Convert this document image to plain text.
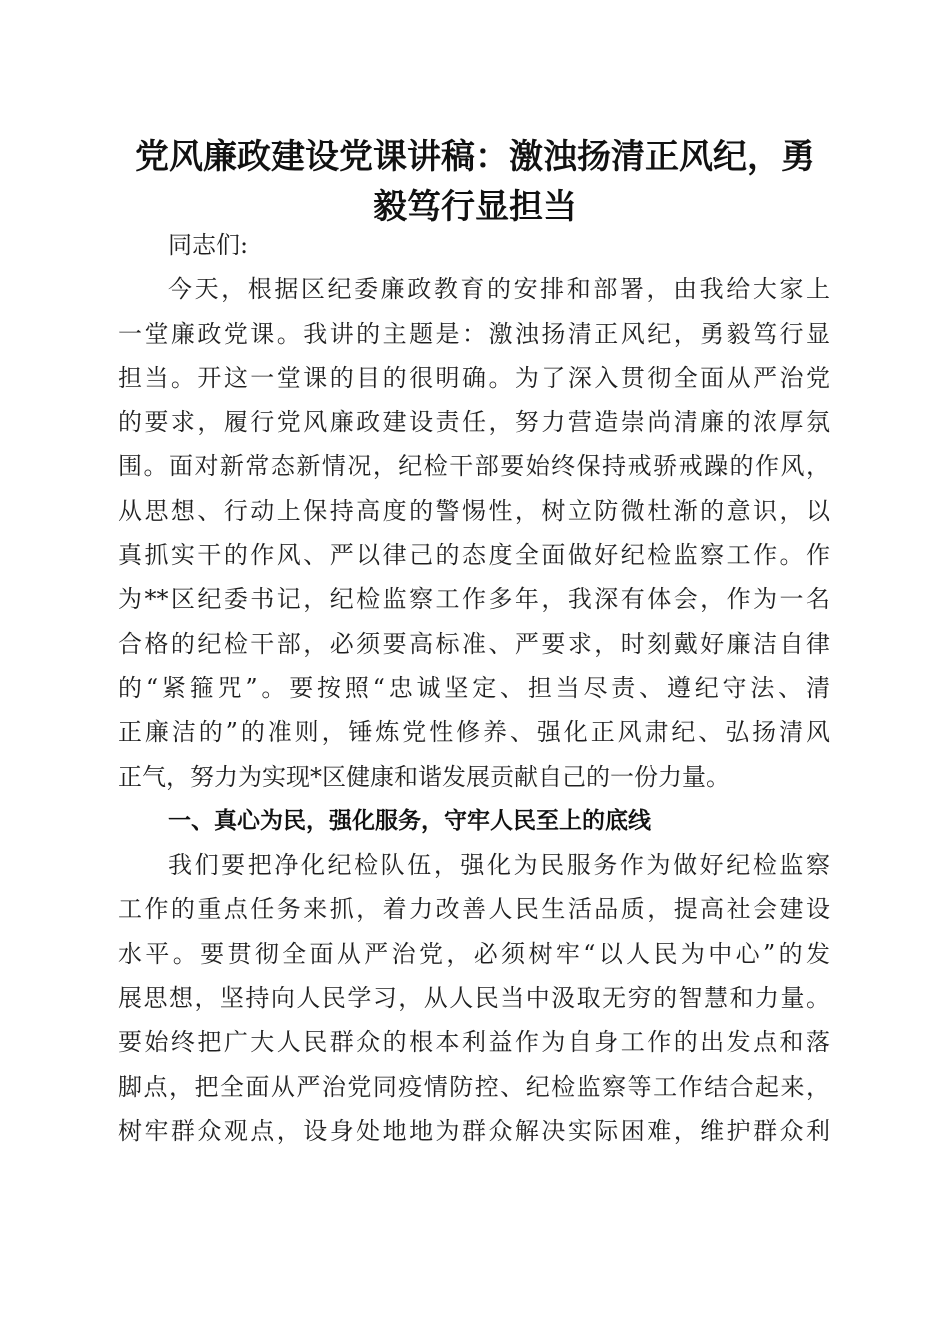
党风廉政建设党课讲稿：激浊扬清正风纪，勇
毅笃行显担当
同志们:
今天，根据区纪委廉政教育的安排和部署，由我给大家上
一堂廉政党课。我讲的主题是：激浊扬清正风纪，勇毅笃行显
担当。开这一堂课的目的很明确。为了深入贯彻全面从严治党
的要求，履行党风廉政建设责任，努力营造崇尚清廉的浓厚氛
围。面对新常态新情况，纪检干部要始终保持戒骄戒躁的作风，
从思想、行动上保持高度的警惕性，树立防微杜渐的意识，以
真抓实干的作风、严以律己的态度全面做好纪检监察工作。作
为**区纪委书记，纪检监察工作多年，我深有体会，作为一名
合格的纪检干部，必须要高标准、严要求，时刻戴好廉洁自律
的“紧箍咒”。要按照“忠诚坚定、担当尽责、遵纪守法、清
正廉洁的”的准则，锤炼党性修养、强化正风肃纪、弘扬清风
正气，努力为实现*区健康和谐发展贡献自己的一份力量。
一、真心为民，强化服务，守牢人民至上的底线
我们要把净化纪检队伍，强化为民服务作为做好纪检监察
工作的重点任务来抓，着力改善人民生活品质，提高社会建设
水平。要贯彻全面从严治党，必须树牢“以人民为中心”的发
展思想，坚持向人民学习，从人民当中汲取无穷的智慧和力量。
要始终把广大人民群众的根本利益作为自身工作的出发点和落
脚点，把全面从严治党同疫情防控、纪检监察等工作结合起来，
树牢群众观点，设身处地地为群众解决实际困难，维护群众利
